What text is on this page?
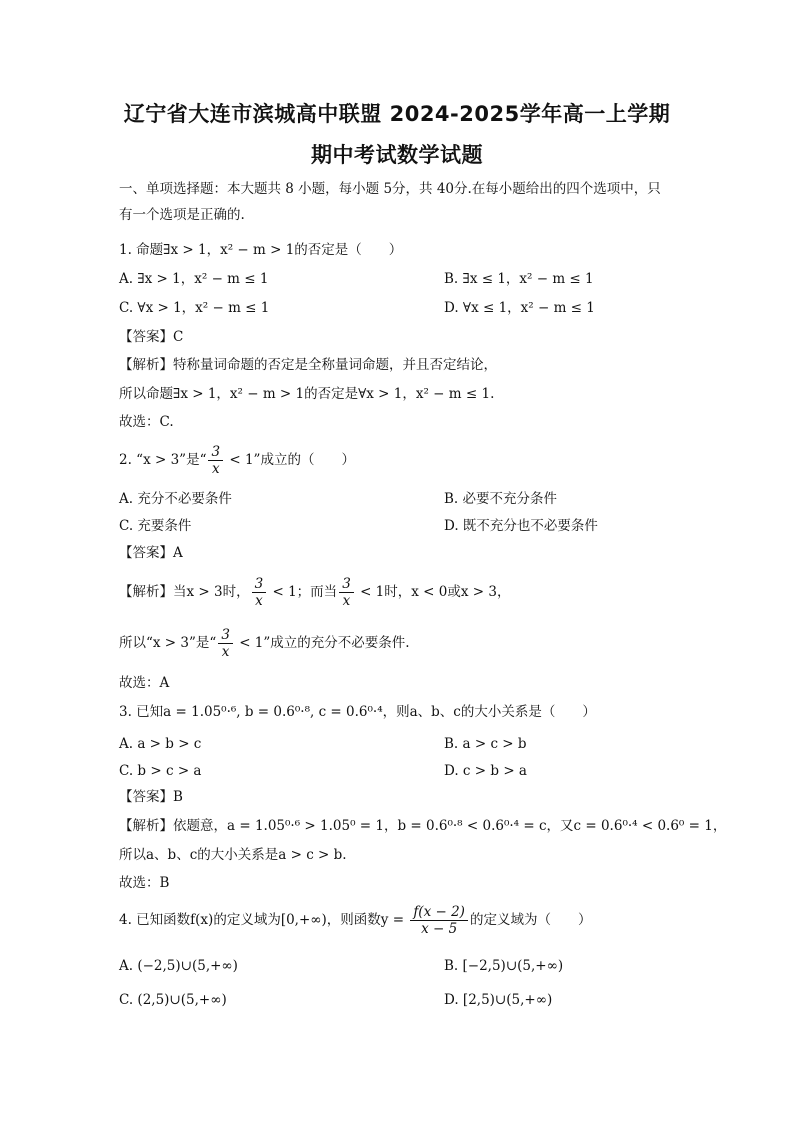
辽宁省大连市滨城高中联盟 2024-2025学年高一上学期
期中考试数学试题
一、单项选择题：本大题共 8 小题，每小题 5分，共 40分.在每小题给出的四个选项中，只
有一个选项是正确的.
1. 命题∃x > 1，x² − m > 1的否定是（　　）
A. ∃x > 1，x² − m ≤ 1	B. ∃x ≤ 1，x² − m ≤ 1
C. ∀x > 1，x² − m ≤ 1	D. ∀x ≤ 1，x² − m ≤ 1
【答案】C
【解析】特称量词命题的否定是全称量词命题，并且否定结论，
所以命题∃x > 1，x² − m > 1的否定是∀x > 1，x² − m ≤ 1.
故选：C.
2. “x > 3”是“ $\frac{3}{x} < 1$”成立的（　　）
A. 充分不必要条件	B. 必要不充分条件
C. 充要条件	D. 既不充分也不必要条件
【答案】A
【解析】当x > 3时， $\frac{3}{x} < 1$；而当 $\frac{3}{x} < 1$时，x < 0或x > 3，
所以“x > 3”是“ $\frac{3}{x} < 1$”成立的充分不必要条件.
故选：A
3. 已知a = 1.05⁰·⁶, b = 0.6⁰·⁸, c = 0.6⁰·⁴，则a、b、c的大小关系是（　　）
A. a > b > c	B. a > c > b
C. b > c > a	D. c > b > a
【答案】B
【解析】依题意，a = 1.05⁰·⁶ > 1.05⁰ = 1，b = 0.6⁰·⁸ < 0.6⁰·⁴ = c，又c = 0.6⁰·⁴ < 0.6⁰ = 1，
所以a、b、c的大小关系是a > c > b.
故选：B
4. 已知函数f(x)的定义域为[0,+∞)，则函数$y = \frac{f(x - 2)}{x - 5}$ 的定义域为（　　）
A. (−2,5)∪(5,+∞)	B. [−2,5)∪(5,+∞)
C. (2,5)∪(5,+∞)	D. [2,5)∪(5,+∞)
